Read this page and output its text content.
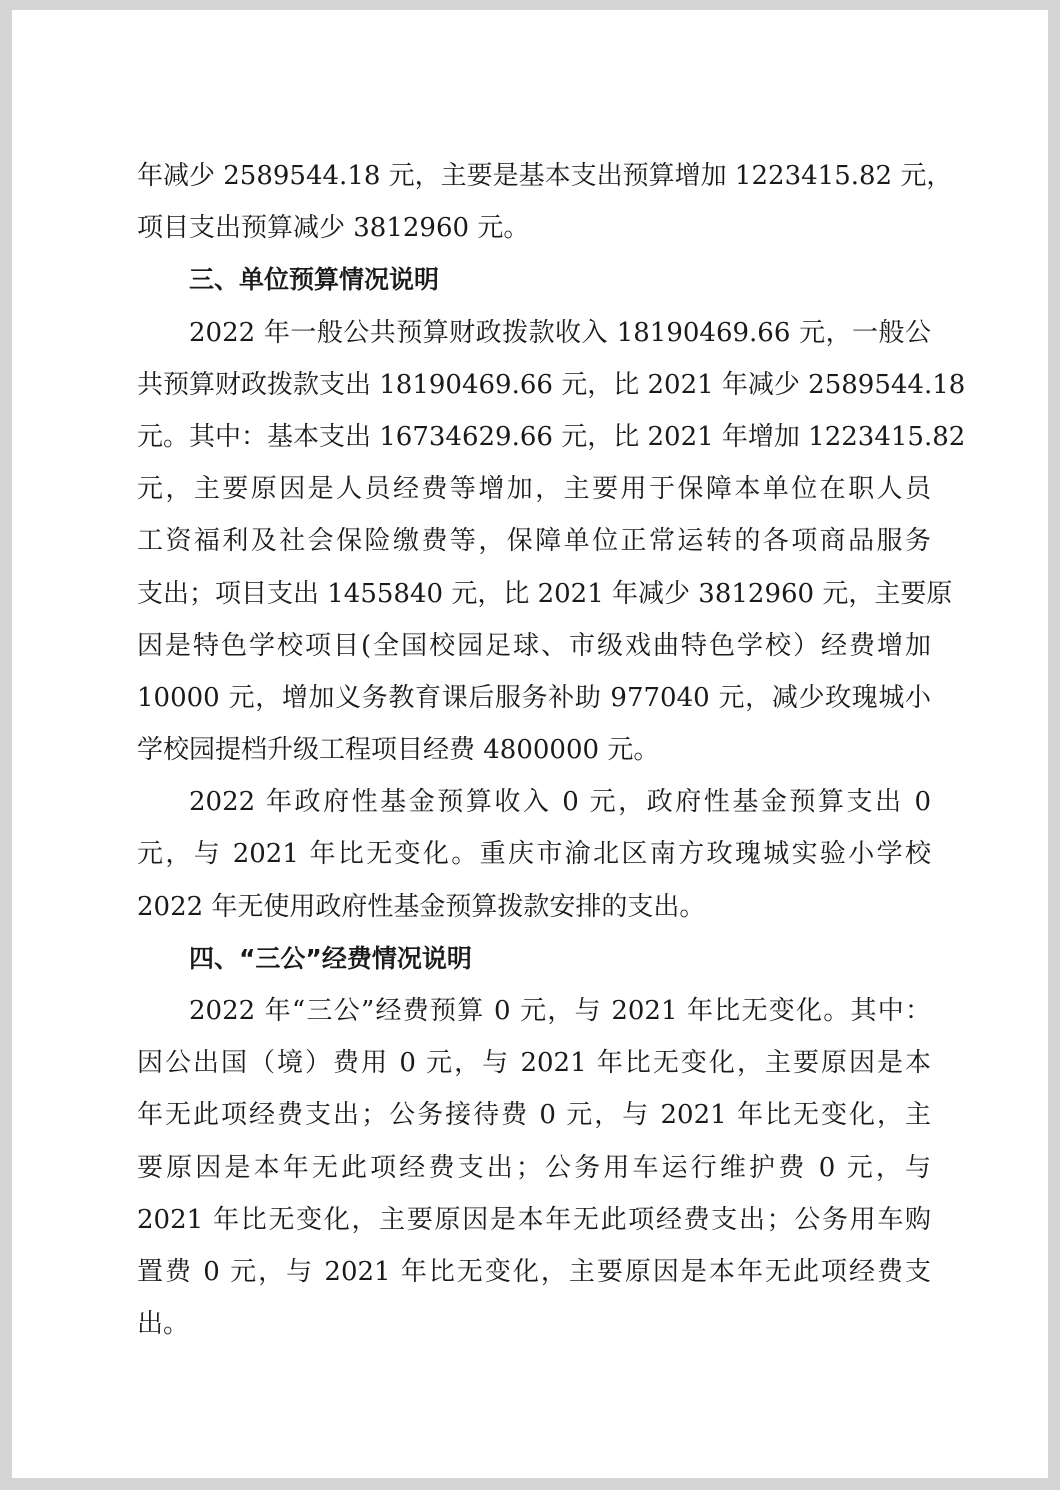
年减少 2589544.18 元，主要是基本支出预算增加 1223415.82 元，
项目支出预算减少 3812960 元。
三、单位预算情况说明
2022 年一般公共预算财政拨款收入 18190469.66 元，一般公
共预算财政拨款支出 18190469.66 元，比 2021 年减少 2589544.18
元。其中：基本支出 16734629.66 元，比 2021 年增加 1223415.82
元，主要原因是人员经费等增加，主要用于保障本单位在职人员
工资福利及社会保险缴费等，保障单位正常运转的各项商品服务
支出；项目支出 1455840 元，比 2021 年减少 3812960 元，主要原
因是特色学校项目(全国校园足球、市级戏曲特色学校）经费增加
10000 元，增加义务教育课后服务补助 977040 元，减少玫瑰城小
学校园提档升级工程项目经费 4800000 元。
2022 年政府性基金预算收入 0 元，政府性基金预算支出 0
元，与 2021 年比无变化。重庆市渝北区南方玫瑰城实验小学校
2022 年无使用政府性基金预算拨款安排的支出。
四、“三公”经费情况说明
2022 年“三公”经费预算 0 元，与 2021 年比无变化。其中：
因公出国（境）费用 0 元，与 2021 年比无变化，主要原因是本
年无此项经费支出；公务接待费 0 元，与 2021 年比无变化，主
要原因是本年无此项经费支出；公务用车运行维护费 0 元，与
2021 年比无变化，主要原因是本年无此项经费支出；公务用车购
置费 0 元，与 2021 年比无变化，主要原因是本年无此项经费支
出。
